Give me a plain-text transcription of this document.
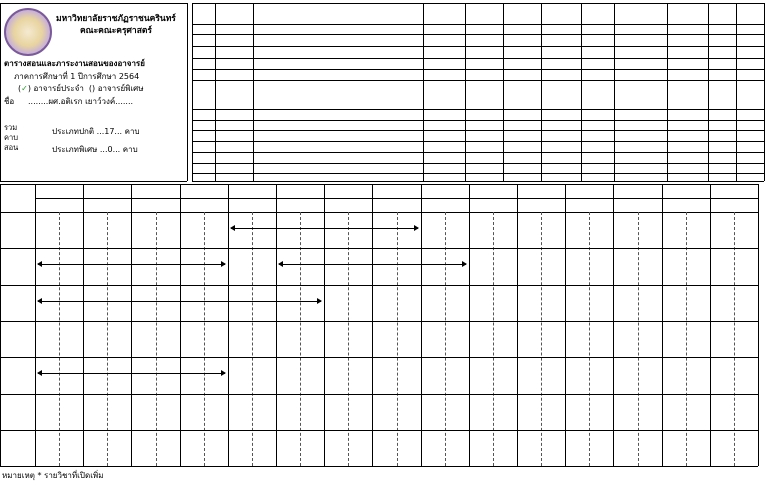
มหาวิทยาลัยราชภัฏราชนครินทร์
คณะคณะครุศาสตร์
ตารางสอนและภาระงานสอนของอาจารย์
ภาคการศึกษาที่ 1 ปีการศึกษา 2564
(✓) อาจารย์ประจำ () อาจารย์พิเศษ
ชื่อ ........ผศ.อติเรก เยาว์วงค์.......
รวมคาบสอน
ประเภทปกติ ...17... คาบ
ประเภทพิเศษ ...0... คาบ
หมายเหตุ * รายวิชาที่เปิดเพิ่ม
